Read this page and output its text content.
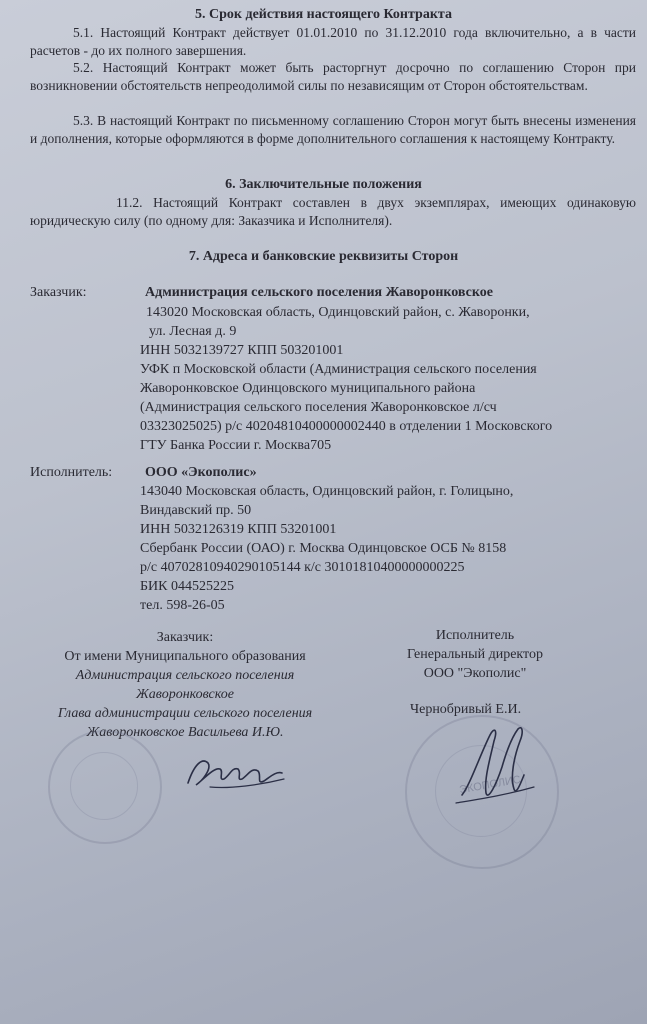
5. Срок действия настоящего Контракта
5.1. Настоящий Контракт действует 01.01.2010 по 31.12.2010 года включительно, а в части расчетов - до их полного завершения.
5.2. Настоящий Контракт может быть расторгнут досрочно по соглашению Сторон при возникновении обстоятельств непреодолимой силы по независящим от Сторон обстоятельствам.
5.3. В настоящий Контракт по письменному соглашению Сторон могут быть внесены изменения и дополнения, которые оформляются в форме дополнительного соглашения к настоящему Контракту.
6. Заключительные положения
11.2. Настоящий Контракт составлен в двух экземплярах, имеющих одинаковую юридическую силу (по одному для: Заказчика и Исполнителя).
7. Адреса и банковские реквизиты Сторон
Заказчик:	Администрация сельского поселения Жаворонковское
143020 Московская область, Одинцовский район, с. Жаворонки,
ул. Лесная д. 9
ИНН 5032139727 КПП 503201001
УФК п Московской области (Администрация сельского поселения
Жаворонковское Одинцовского муниципального района
(Администрация сельского поселения Жаворонковское л/сч
03323025025) р/с 40204810400000002440 в отделении 1 Московского
ГТУ Банка России г. Москва705
Исполнитель: ООО «Экополис»
143040 Московская область, Одинцовский район, г. Голицыно,
Виндавский пр. 50
ИНН 5032126319 КПП 53201001
Сбербанк России (ОАО) г. Москва Одинцовское ОСБ № 8158
р/с 40702810940290105144 к/с 30101810400000000225
БИК 044525225
тел. 598-26-05
Заказчик:
От имени Муниципального образования
Администрация сельского поселения
Жаворонковское
Глава администрации сельского поселения
Жаворонковское Васильева И.Ю.
Исполнитель
Генеральный директор
ООО "Экополис"
Чернобривый Е.И.
ЭКОПОЛИС
